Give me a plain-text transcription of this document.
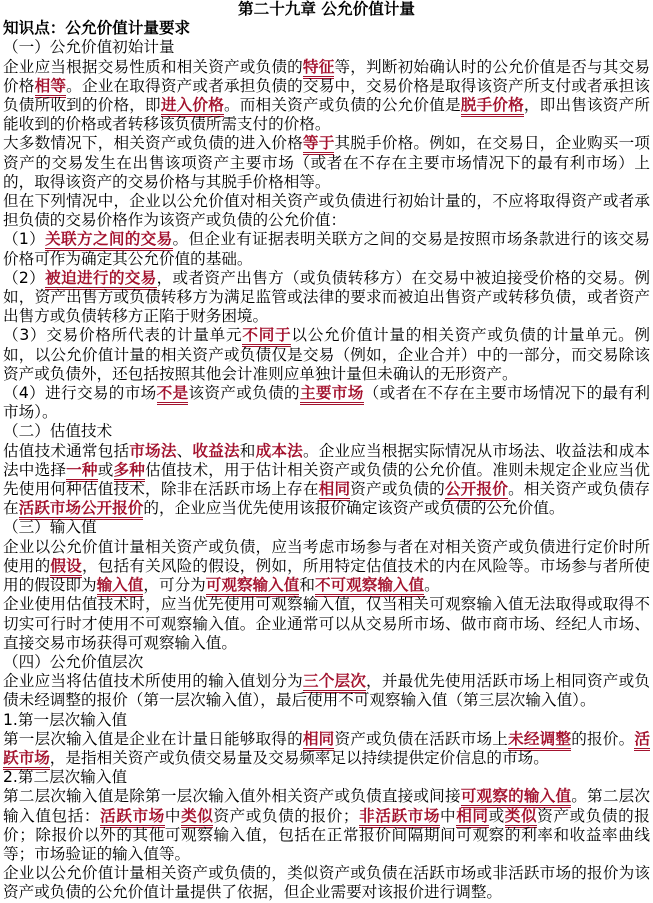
第二十九章 公允价值计量

知识点：公允价值计量要求

（一）公允价值初始计量

企业应当根据交易性质和相关资产或负债的特征等，判断初始确认时的公允价值是否与其交易价格相等。企业在取得资产或者承担负债的交易中，交易价格是取得该资产所支付或者承担该负债所收到的价格，即进入价格。而相关资产或负债的公允价值是脱手价格，即出售该资产所能收到的价格或者转移该负债所需支付的价格。

大多数情况下，相关资产或负债的进入价格等于其脱手价格。例如，在交易日，企业购买一项资产的交易发生在出售该项资产主要市场（或者在不存在主要市场情况下的最有利市场）上的，取得该资产的交易价格与其脱手价格相等。

但在下列情况中，企业以公允价值对相关资产或负债进行初始计量的，不应将取得资产或者承担负债的交易价格作为该资产或负债的公允价值：

（1）关联方之间的交易。但企业有证据表明关联方之间的交易是按照市场条款进行的该交易价格可作为确定其公允价值的基础。

（2）被迫进行的交易，或者资产出售方（或负债转移方）在交易中被迫接受价格的交易。例如，资产出售方或负债转移方为满足监管或法律的要求而被迫出售资产或转移负债，或者资产出售方或负债转移方正陷于财务困境。

（3）交易价格所代表的计量单元不同于以公允价值计量的相关资产或负债的计量单元。例如，以公允价值计量的相关资产或负债仅是交易（例如，企业合并）中的一部分，而交易除该资产或负债外，还包括按照其他会计准则应单独计量但未确认的无形资产。

（4）进行交易的市场不是该资产或负债的主要市场（或者在不存在主要市场情况下的最有利市场）。

（二）估值技术

估值技术通常包括市场法、收益法和成本法。企业应当根据实际情况从市场法、收益法和成本法中选择一种或多种估值技术，用于估计相关资产或负债的公允价值。准则未规定企业应当优先使用何种估值技术，除非在活跃市场上存在相同资产或负债的公开报价。相关资产或负债存在活跃市场公开报价的，企业应当优先使用该报价确定该资产或负债的公允价值。

（三）输入值

企业以公允价值计量相关资产或负债，应当考虑市场参与者在对相关资产或负债进行定价时所使用的假设，包括有关风险的假设，例如，所用特定估值技术的内在风险等。市场参与者所使用的假设即为输入值，可分为可观察输入值和不可观察输入值。

企业使用估值技术时，应当优先使用可观察输入值，仅当相关可观察输入值无法取得或取得不切实可行时才使用不可观察输入值。企业通常可以从交易所市场、做市商市场、经纪人市场、直接交易市场获得可观察输入值。

（四）公允价值层次

企业应当将估值技术所使用的输入值划分为三个层次，并最优先使用活跃市场上相同资产或负债未经调整的报价（第一层次输入值），最后使用不可观察输入值（第三层次输入值）。

1.第一层次输入值

第一层次输入值是企业在计量日能够取得的相同资产或负债在活跃市场上未经调整的报价。活跃市场，是指相关资产或负债交易量及交易频率足以持续提供定价信息的市场。

2.第二层次输入值

第二层次输入值是除第一层次输入值外相关资产或负债直接或间接可观察的输入值。第二层次输入值包括：活跃市场中类似资产或负债的报价；非活跃市场中相同或类似资产或负债的报价；除报价以外的其他可观察输入值，包括在正常报价间隔期间可观察的利率和收益率曲线等；市场验证的输入值等。

企业以公允价值计量相关资产或负债的，类似资产或负债在活跃市场或非活跃市场的报价为该资产或负债的公允价值计量提供了依据，但企业需要对该报价进行调整。
